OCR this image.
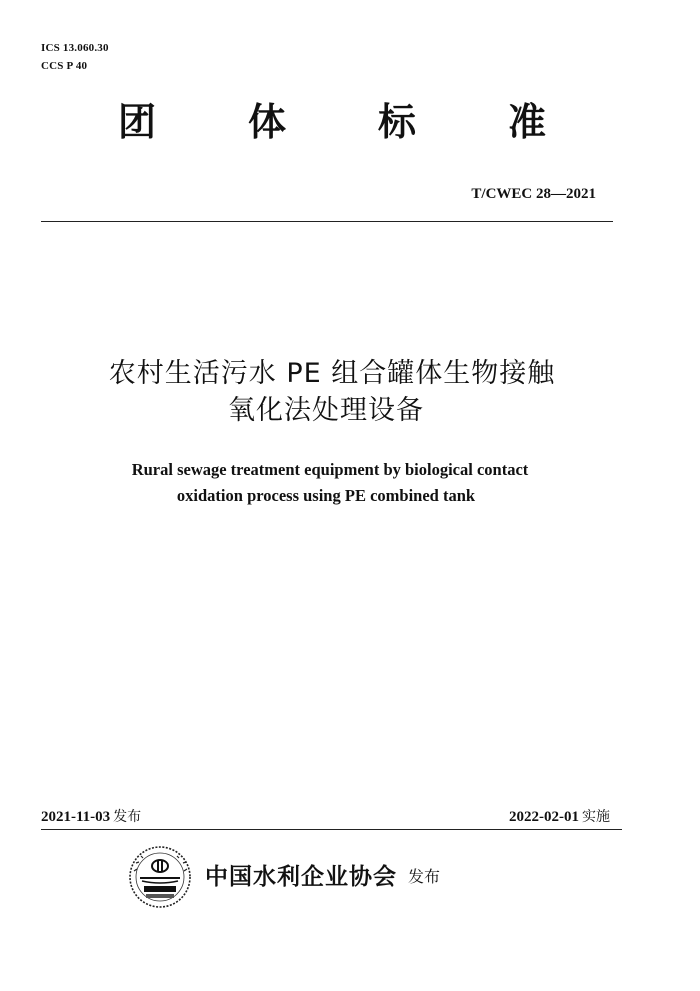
ICS 13.060.30
CCS P 40
团 体 标 准
T/CWEC 28—2021
农村生活污水 PE 组合罐体生物接触
氧化法处理设备
Rural sewage treatment equipment by biological contact
oxidation process using PE combined tank
2021-11-03 发布	2022-02-01 实施
中国水利企业协会 发布
